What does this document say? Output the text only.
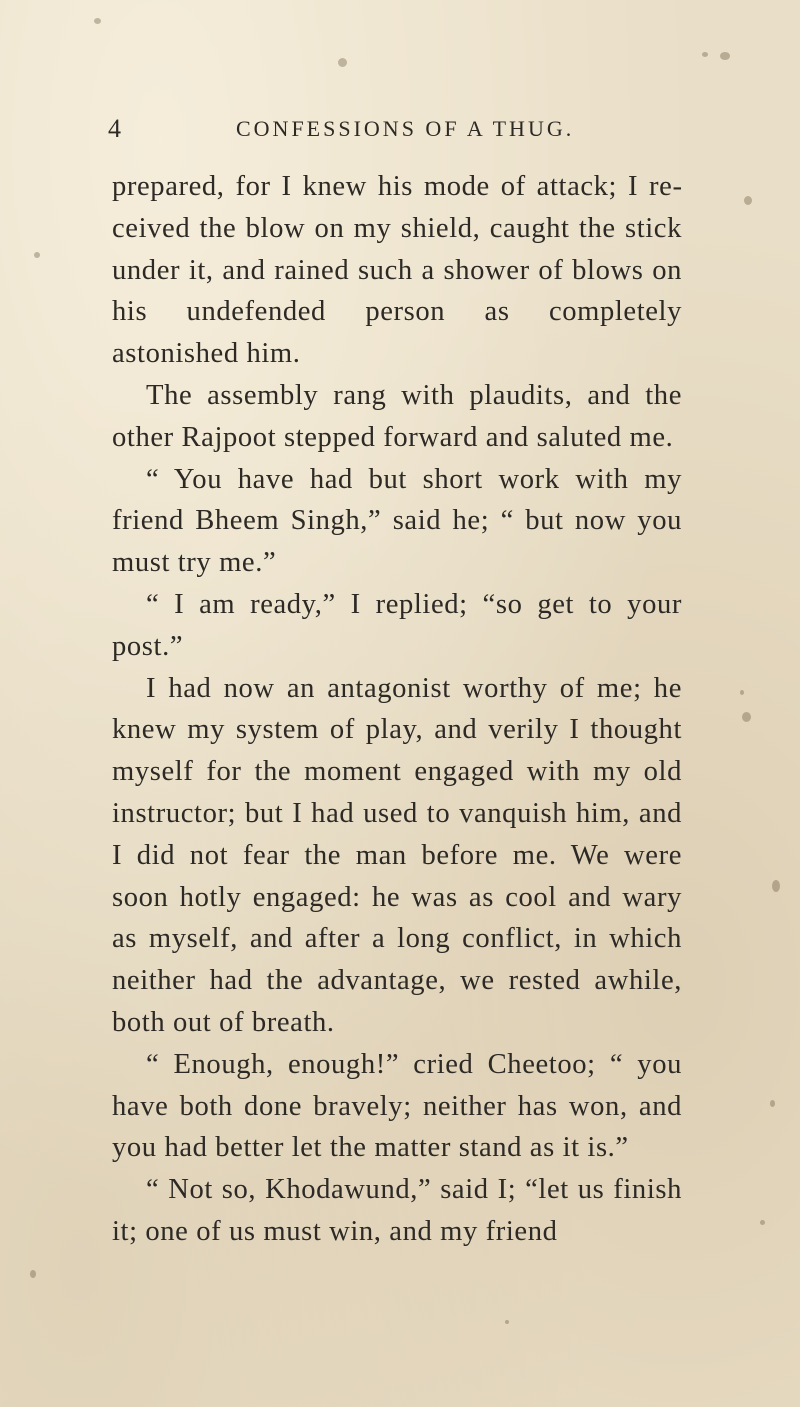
4	CONFESSIONS OF A THUG.

prepared, for I knew his mode of attack; I received the blow on my shield, caught the stick under it, and rained such a shower of blows on his undefended person as completely astonished him.

The assembly rang with plaudits, and the other Rajpoot stepped forward and saluted me.

“ You have had but short work with my friend Bheem Singh,” said he; “ but now you must try me.”

“ I am ready,” I replied; “so get to your post.”

I had now an antagonist worthy of me; he knew my system of play, and verily I thought myself for the moment engaged with my old instructor; but I had used to vanquish him, and I did not fear the man before me. We were soon hotly engaged: he was as cool and wary as myself, and after a long conflict, in which neither had the advantage, we rested awhile, both out of breath.

“ Enough, enough!” cried Cheetoo; “ you have both done bravely; neither has won, and you had better let the matter stand as it is.”

“ Not so, Khodawund,” said I; “let us finish it; one of us must win, and my friend
